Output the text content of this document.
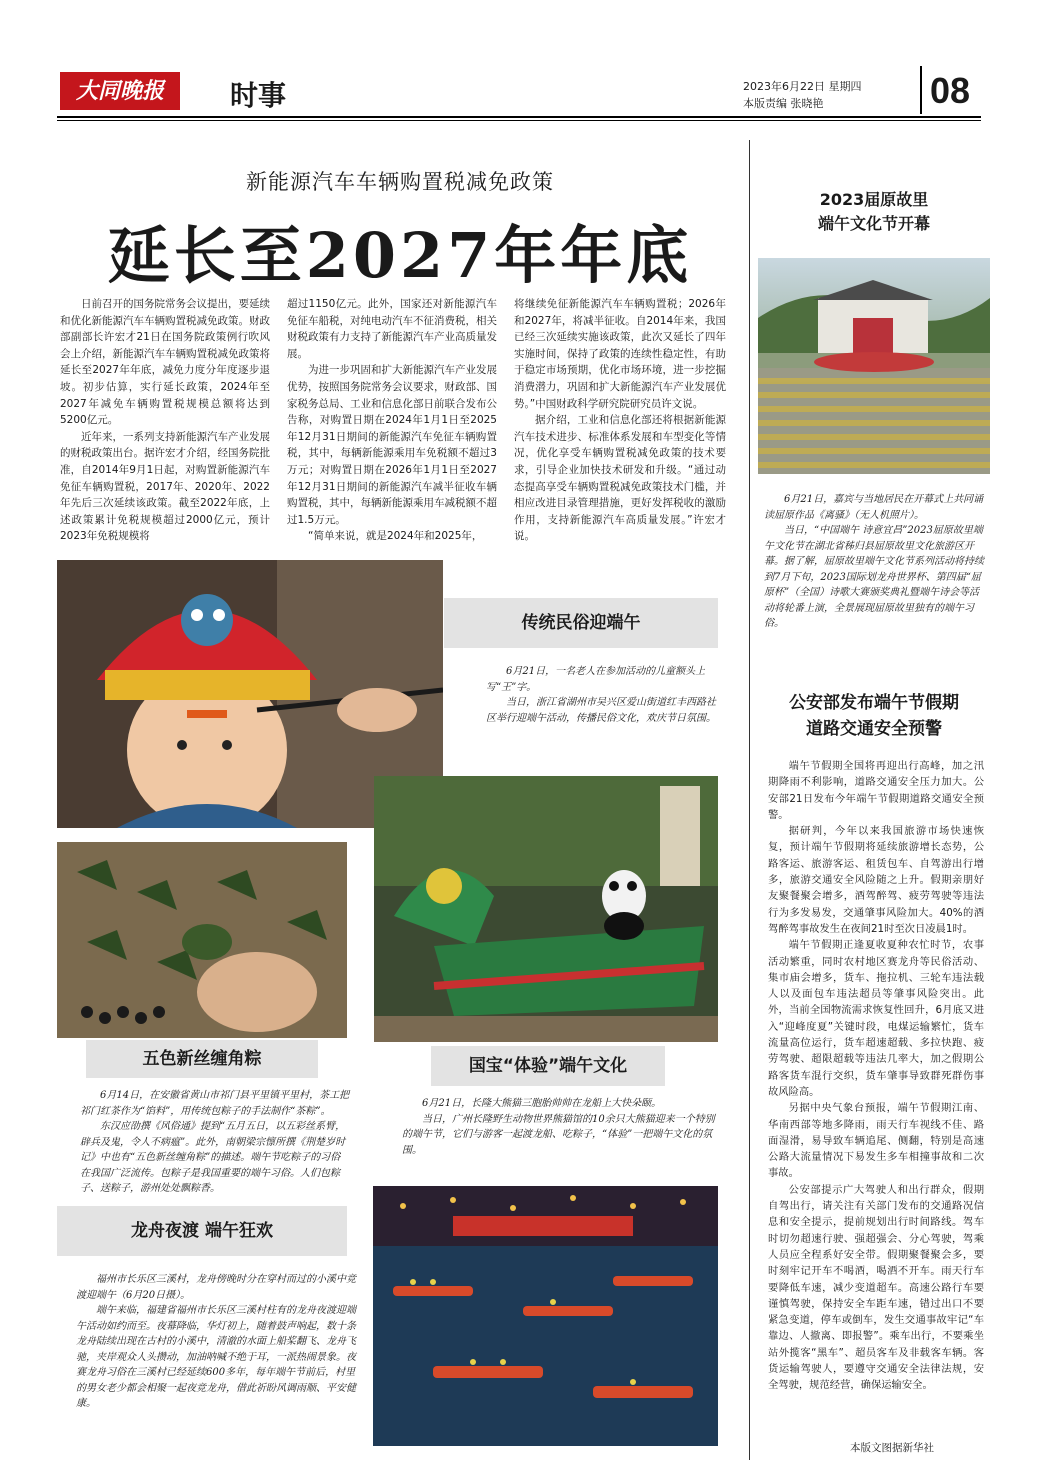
大同晚报	时事	2023年6月22日 星期四
本版责编 张晓艳	08
新能源汽车车辆购置税减免政策
延长至2027年年底

日前召开的国务院常务会议提出，要延续和优化新能源汽车车辆购置税减免政策。财政部副部长许宏才21日在国务院政策例行吹风会上介绍，新能源汽车车辆购置税减免政策将延长至2027年年底，减免力度分年度逐步退坡。初步估算，实行延长政策，2024年至2027年减免车辆购置税规模总额将达到5200亿元。

近年来，一系列支持新能源汽车产业发展的财税政策出台。据许宏才介绍，经国务院批准，自2014年9月1日起，对购置新能源汽车免征车辆购置税，2017年、2020年、2022年先后三次延续该政策。截至2022年底，上述政策累计免税规模超过2000亿元，预计2023年免税规模将

超过1150亿元。此外，国家还对新能源汽车免征车船税，对纯电动汽车不征消费税，相关财税政策有力支持了新能源汽车产业高质量发展。

为进一步巩固和扩大新能源汽车产业发展优势，按照国务院常务会议要求，财政部、国家税务总局、工业和信息化部日前联合发布公告称，对购置日期在2024年1月1日至2025年12月31日期间的新能源汽车免征车辆购置税，其中，每辆新能源乘用车免税额不超过3万元；对购置日期在2026年1月1日至2027年12月31日期间的新能源汽车减半征收车辆购置税，其中，每辆新能源乘用车减税额不超过1.5万元。

“简单来说，就是2024年和2025年，

将继续免征新能源汽车车辆购置税；2026年和2027年，将减半征收。自2014年来，我国已经三次延续实施该政策，此次又延长了四年实施时间，保持了政策的连续性稳定性，有助于稳定市场预期，优化市场环境，进一步挖掘消费潜力，巩固和扩大新能源汽车产业发展优势。”中国财政科学研究院研究员许文说。

据介绍，工业和信息化部还将根据新能源汽车技术进步、标准体系发展和车型变化等情况，优化享受车辆购置税减免政策的技术要求，引导企业加快技术研发和升级。“通过动态提高享受车辆购置税减免政策技术门槛，并相应改进目录管理措施，更好发挥税收的激励作用，支持新能源汽车高质量发展。”许宏才说。

2023届原故里
端午文化节开幕

6月21日，嘉宾与当地居民在开幕式上共同诵读屈原作品《离骚》（无人机照片）。

当日，“中国端午 诗意宜昌”2023屈原故里端午文化节在湖北省秭归县屈原故里文化旅游区开幕。据了解，屈原故里端午文化节系列活动将持续到7月下旬，2023国际划龙舟世界杯、第四届“屈原杯”（全国）诗歌大赛颁奖典礼暨端午诗会等活动将轮番上演，全景展现屈原故里独有的端午习俗。

公安部发布端午节假期
道路交通安全预警

端午节假期全国将再迎出行高峰，加之汛期降雨不利影响，道路交通安全压力加大。公安部21日发布今年端午节假期道路交通安全预警。

据研判，今年以来我国旅游市场快速恢复，预计端午节假期将延续旅游增长态势，公路客运、旅游客运、租赁包车、自驾游出行增多，旅游交通安全风险随之上升。假期亲朋好友聚餐聚会增多，酒驾醉驾、疲劳驾驶等违法行为多发易发，交通肇事风险加大。40%的酒驾醉驾事故发生在夜间21时至次日凌晨1时。

端午节假期正逢夏收夏种农忙时节，农事活动繁重，同时农村地区赛龙舟等民俗活动、集市庙会增多，货车、拖拉机、三轮车违法载人以及面包车违法超员等肇事风险突出。此外，当前全国物流需求恢复性回升，6月底又进入“迎峰度夏”关键时段，电煤运输繁忙，货车流量高位运行，货车超速超载、多拉快跑、疲劳驾驶、超限超载等违法几率大，加之假期公路客货车混行交织，货车肇事导致群死群伤事故风险高。

另据中央气象台预报，端午节假期江南、华南西部等地多降雨，雨天行车视线不佳、路面湿滑，易导致车辆追尾、侧翻，特别是高速公路大流量情况下易发生多车相撞事故和二次事故。

公安部提示广大驾驶人和出行群众，假期自驾出行，请关注有关部门发布的交通路况信息和安全提示，提前规划出行时间路线。驾车时切勿超速行驶、强超强会、分心驾驶，驾乘人员应全程系好安全带。假期聚餐聚会多，要时刻牢记开车不喝酒，喝酒不开车。雨天行车要降低车速，减少变道超车。高速公路行车要谨慎驾驶，保持安全车距车速，错过出口不要紧急变道，停车或倒车，发生交通事故牢记“车靠边、人撤离、即报警”。乘车出行，不要乘坐站外揽客“黑车”、超员客车及非载客车辆。客货运输驾驶人，要遵守交通安全法律法规，安全驾驶，规范经营，确保运输安全。

本版文图据新华社
传统民俗迎端午

6月21日，一名老人在参加活动的儿童额头上写“王”字。

当日，浙江省湖州市吴兴区爱山街道红丰西路社区举行迎端午活动，传播民俗文化，欢庆节日氛围。

五色新丝缠角粽

6月14日，在安徽省黄山市祁门县平里镇平里村，茶工把祁门红茶作为“馅料”，用传统包粽子的手法制作“茶粽”。

东汉应劭撰《风俗通》提到“五月五日，以五彩丝系臂，辟兵及鬼，令人不病瘟”。此外，南朝梁宗懔所撰《荆楚岁时记》中也有“五色新丝缠角粽”的描述。端午节吃粽子的习俗在我国广泛流传。包粽子是我国重要的端午习俗。人们包粽子、送粽子，游州处处飘粽香。

国宝“体验”端午文化

6月21日，长隆大熊猫三胞胎帅帅在龙船上大快朵颐。

当日，广州长隆野生动物世界熊猫馆的10余只大熊猫迎来一个特别的端午节，它们与游客一起渡龙船、吃粽子，“体验”一把端午文化的氛围。

龙舟夜渡 端午狂欢

福州市长乐区三溪村，龙舟傍晚时分在穿村而过的小溪中竞渡迎端午（6月20日摄）。

端午来临，福建省福州市长乐区三溪村柱有的龙舟夜渡迎端午活动如约而至。夜幕降临，华灯初上，随着鼓声响起，数十条龙舟陆续出现在古村的小溪中，清澈的水面上船桨翻飞、龙舟飞驰，夹岸观众人头攒动，加油呐喊不绝于耳，一派热闹景象。夜赛龙舟习俗在三溪村已经延续600多年，每年端午节前后，村里的男女老少都会相聚一起夜竞龙舟，借此祈盼风调雨顺、平安健康。
